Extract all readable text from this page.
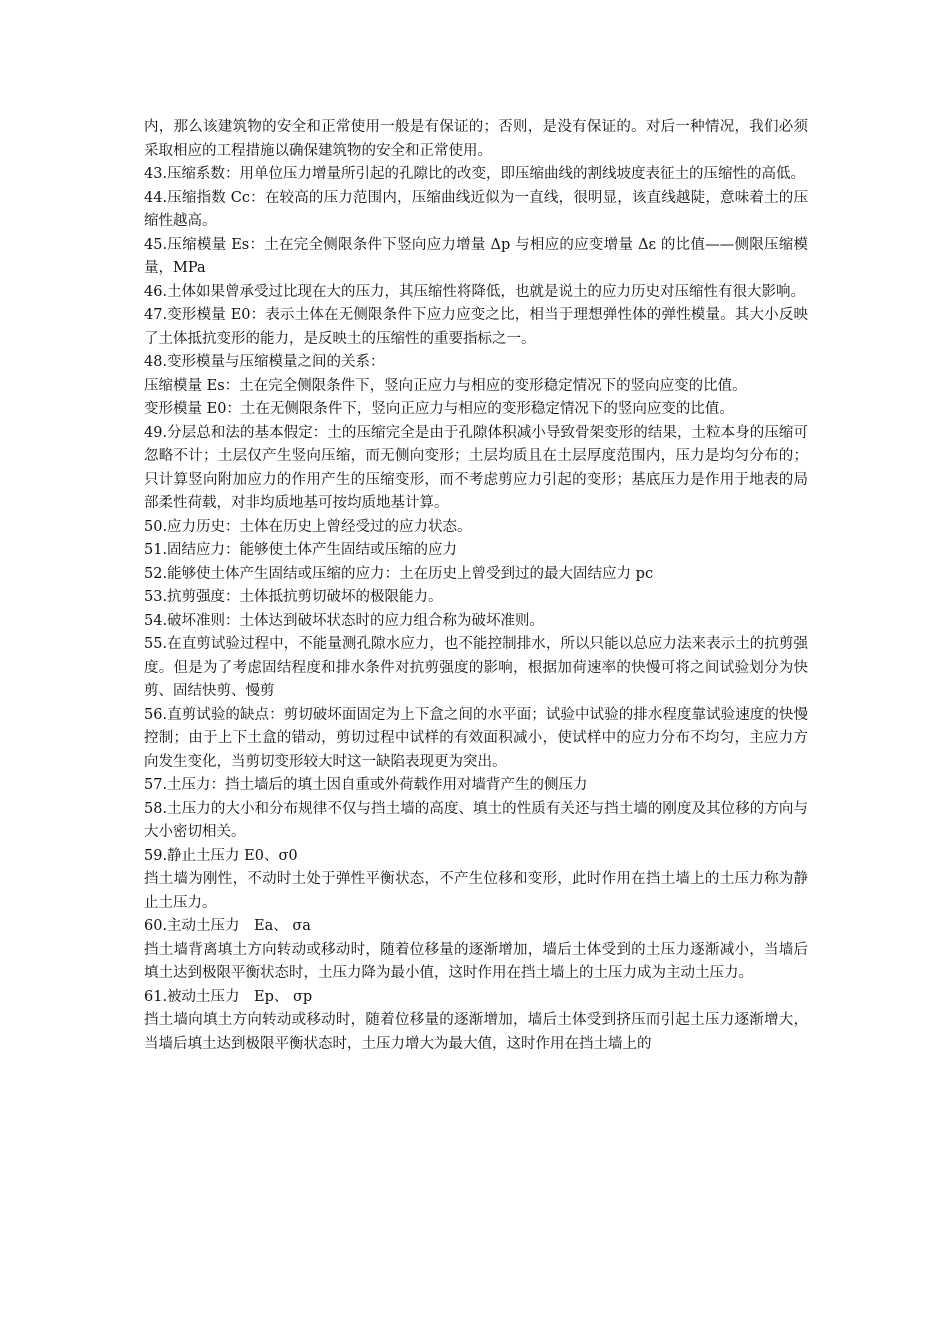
内，那么该建筑物的安全和正常使用一般是有保证的；否则，是没有保证的。对后一种情况，我们必须采取相应的工程措施以确保建筑物的安全和正常使用。
43.压缩系数：用单位压力增量所引起的孔隙比的改变，即压缩曲线的割线坡度表征土的压缩性的高低。
44.压缩指数 Cc：在较高的压力范围内，压缩曲线近似为一直线，很明显，该直线越陡，意味着土的压缩性越高。
45.压缩模量 Es：土在完全侧限条件下竖向应力增量 Δp 与相应的应变增量 Δε 的比值——侧限压缩模量，MPa
46.土体如果曾承受过比现在大的压力，其压缩性将降低，也就是说土的应力历史对压缩性有很大影响。
47.变形模量 E0：表示土体在无侧限条件下应力应变之比，相当于理想弹性体的弹性模量。其大小反映了土体抵抗变形的能力，是反映土的压缩性的重要指标之一。
48.变形模量与压缩模量之间的关系：
压缩模量 Es：土在完全侧限条件下，竖向正应力与相应的变形稳定情况下的竖向应变的比值。
变形模量 E0：土在无侧限条件下，竖向正应力与相应的变形稳定情况下的竖向应变的比值。
49.分层总和法的基本假定：土的压缩完全是由于孔隙体积减小导致骨架变形的结果，土粒本身的压缩可忽略不计；土层仅产生竖向压缩，而无侧向变形；土层均质且在土层厚度范围内，压力是均匀分布的；只计算竖向附加应力的作用产生的压缩变形，而不考虑剪应力引起的变形；基底压力是作用于地表的局部柔性荷载，对非均质地基可按均质地基计算。
50.应力历史：土体在历史上曾经受过的应力状态。
51.固结应力：能够使土体产生固结或压缩的应力
52.能够使土体产生固结或压缩的应力：土在历史上曾受到过的最大固结应力 pc
53.抗剪强度：土体抵抗剪切破坏的极限能力。
54.破坏准则：土体达到破坏状态时的应力组合称为破坏准则。
55.在直剪试验过程中，不能量测孔隙水应力，也不能控制排水，所以只能以总应力法来表示土的抗剪强度。但是为了考虑固结程度和排水条件对抗剪强度的影响，根据加荷速率的快慢可将之间试验划分为快剪、固结快剪、慢剪
56.直剪试验的缺点：剪切破坏面固定为上下盒之间的水平面；试验中试验的排水程度靠试验速度的快慢控制；由于上下土盒的错动，剪切过程中试样的有效面积减小，使试样中的应力分布不均匀，主应力方向发生变化，当剪切变形较大时这一缺陷表现更为突出。
57.土压力：挡土墙后的填土因自重或外荷载作用对墙背产生的侧压力
58.土压力的大小和分布规律不仅与挡土墙的高度、填土的性质有关还与挡土墙的刚度及其位移的方向与大小密切相关。
59.静止土压力 E0、σ0
挡土墙为刚性，不动时土处于弹性平衡状态，不产生位移和变形，此时作用在挡土墙上的土压力称为静止土压力。
60.主动土压力　Ea、 σa
挡土墙背离填土方向转动或移动时，随着位移量的逐渐增加，墙后土体受到的土压力逐渐减小，当墙后填土达到极限平衡状态时，土压力降为最小值，这时作用在挡土墙上的土压力成为主动土压力。
61.被动土压力　Ep、 σp
挡土墙向填土方向转动或移动时，随着位移量的逐渐增加，墙后土体受到挤压而引起土压力逐渐增大，当墙后填土达到极限平衡状态时，土压力增大为最大值，这时作用在挡土墙上的
